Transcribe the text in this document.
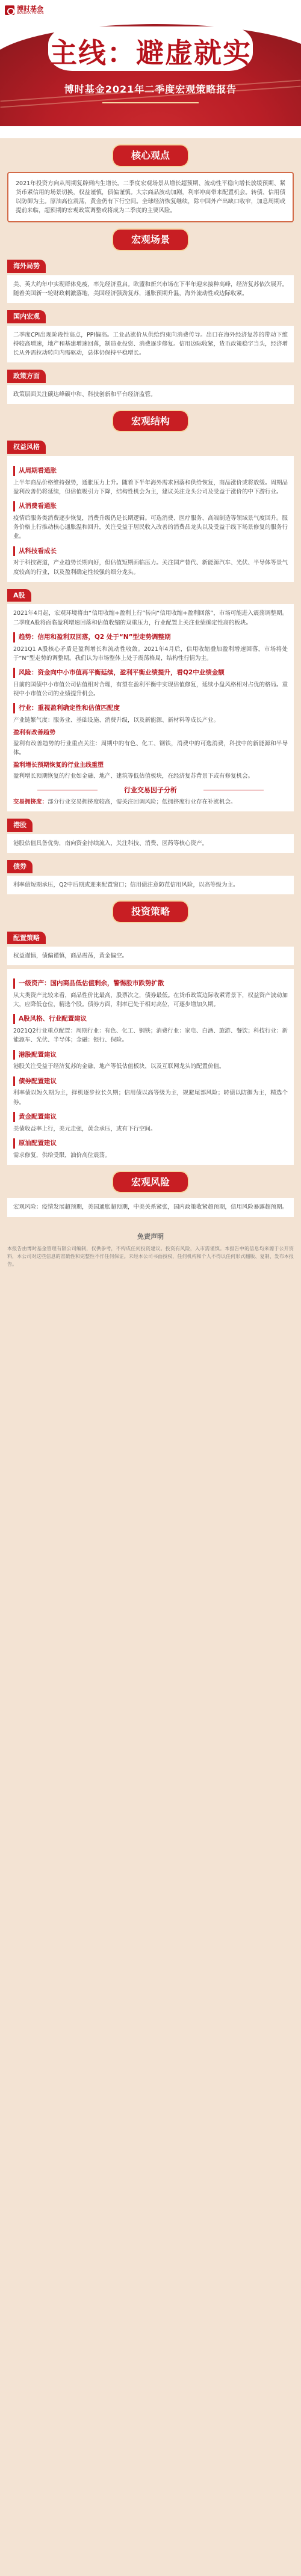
博时基金
BOSERA FUNDS
主线：避虚就实
博时基金2021年二季度宏观策略报告
核心观点

2021年投资方向从周期复辟到内生增长。二季度宏观场景从增长超预期、流动性平稳向增长放缓预期、紧货币紧信用的场景切换，权益谨慎，债偏谨慎。大宗商品波动加剧，利率冲高带来配置机会。转债、信用债以防御为主。原油高位震荡，黄金仍有下行空间。全球经济恢复继续，除中国外产出缺口收窄，加息周期或提前来临，超预期的宏观政策调整或将成为二季度的主要风险。

宏观场景
海外局势

美、英大约年中实现群体免疫，率先经济重启。欧盟和新兴市场在下半年迎来接种高峰，经济复苏依次展开。随着美国新一轮财政刺激落地，美国经济强劲复苏，通胀预期升温，海外流动性或边际收紧。

国内宏观

二季度CPI出现阶段性高点，PPI偏高。工业品涨价从供给约束向消费传导。出口在海外经济复苏的带动下维持较高增速，地产和基建增速回落，制造业投资、消费逐步修复。信用边际收紧，货币政策稳字当头，经济增长从外需拉动转向内需驱动，总体仍保持平稳增长。

政策方面

政策层面关注碳达峰碳中和、科技创新和平台经济监管。

宏观结构
权益风格
从周期看通胀

上半年商品价格维持强势，通胀压力上升。随着下半年海外需求回落和供给恢复，商品涨价或将放缓。周期品盈利改善仍将延续，但估值吸引力下降，结构性机会为主，建议关注龙头公司及受益于涨价的中下游行业。

从消费看通胀

疫情后服务类消费逐步恢复，消费升级仍是长期逻辑。可选消费、医疗服务、高端制造等领域景气度回升。服务价格上行推动核心通胀温和回升，关注受益于居民收入改善的消费品龙头以及受益于线下场景修复的服务行业。

从科技看成长

对于科技赛道，产业趋势长期向好，但估值短期面临压力。关注国产替代、新能源汽车、光伏、半导体等景气度较高的行业，以及盈利确定性较强的细分龙头。

A股

2021年4月起，宏观环境将由“信用收缩+盈利上行”转向“信用收缩+盈利回落”，市场可能进入震荡调整期。二季度A股将面临盈利增速回落和估值收缩的双重压力，行业配置上关注业绩确定性高的板块。

趋势：信用和盈利双回落，Q2 处于“N”型走势调整期

2021Q1 A股核心矛盾是盈利增长和流动性收敛。2021年4月后，信用收缩叠加盈利增速回落，市场将处于“N”型走势的调整期。我们认为市场整体上处于震荡格局，结构性行情为主。

风险：资金向中小市值再平衡延续，盈利平衡业绩提升，看Q2中业绩金额

目前的国债中小市值公司估值相对合理，有望在盈利平衡中实现估值修复，延续小盘风格相对占优的格局。重视中小市值公司的业绩提升机会。

行业：重视盈利确定性和估值匹配度

产业链繁气度：服务业、基础设施、消费升级，以及新能源、新材料等成长产业。

盈利有改善趋势

盈利有改善趋势的行业重点关注：周期中的有色、化工、钢铁，消费中的可选消费，科技中的新能源和半导体。

盈利增长预期恢复的行业主线重塑

盈利增长预期恢复的行业如金融、地产、建筑等低估值板块，在经济复苏背景下或有修复机会。

行业交易因子分析

交易拥挤度：部分行业交易拥挤度较高，需关注回调风险；低拥挤度行业存在补涨机会。

港股

港股估值具备优势，南向资金持续流入，关注科技、消费、医药等核心资产。

债券

利率债短期承压，Q2中后期或迎来配置窗口；信用债注意防范信用风险，以高等级为主。

投资策略
配置策略

权益谨慎，债偏谨慎，商品震荡，黄金偏空。

一级资产：国内商品低估值剩余，警惕股市跌势扩散

从大类资产比较来看，商品性价比最高，股票次之，债券最低。在货币政策边际收紧背景下，权益资产波动加大，应降低仓位，精选个股。债券方面，利率已处于相对高位，可逐步增加久期。

A股风格、行业配置建议

2021Q2行业重点配置：周期行业：有色、化工、钢铁；消费行业：家电、白酒、旅游、餐饮；科技行业：新能源车、光伏、半导体；金融：银行、保险。

港股配置建议

港股关注受益于经济复苏的金融、地产等低估值板块，以及互联网龙头的配置价值。

债券配置建议

利率债以短久期为主，择机逐步拉长久期；信用债以高等级为主，规避尾部风险；转债以防御为主，精选个券。

黄金配置建议

美债收益率上行，美元走强，黄金承压，或有下行空间。

原油配置建议

需求修复，供给受限，油价高位震荡。

宏观风险

宏观风险：疫情发展超预期，美国通胀超预期，中美关系紧张，国内政策收紧超预期，信用风险暴露超预期。

免责声明

本报告由博时基金管理有限公司编制，仅供参考，不构成任何投资建议。投资有风险，入市需谨慎。本报告中的信息均来源于公开资料，本公司对这些信息的准确性和完整性不作任何保证。未经本公司书面授权，任何机构和个人不得以任何形式翻版、复制、发布本报告。
